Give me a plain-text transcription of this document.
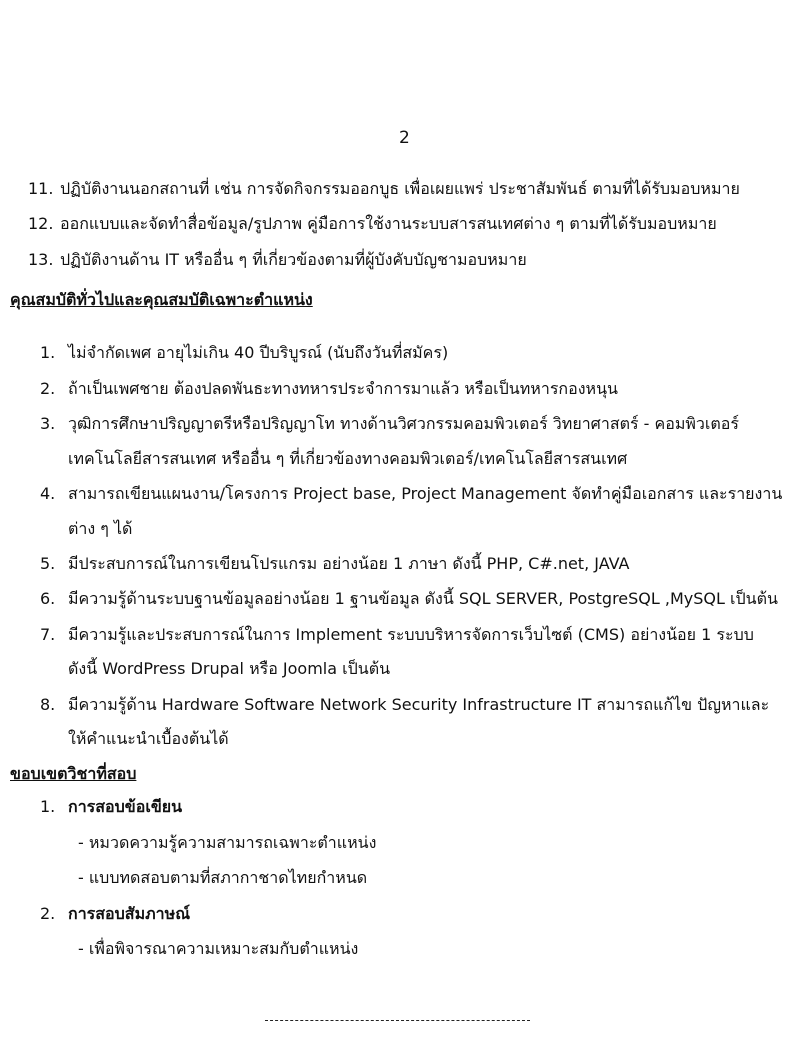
2
11. ปฏิบัติงานนอกสถานที่ เช่น การจัดกิจกรรมออกบูธ เพื่อเผยแพร่ ประชาสัมพันธ์ ตามที่ได้รับมอบหมาย
12. ออกแบบและจัดทำสื่อข้อมูล/รูปภาพ คู่มือการใช้งานระบบสารสนเทศต่าง ๆ ตามที่ได้รับมอบหมาย
13. ปฏิบัติงานด้าน IT หรืออื่น ๆ ที่เกี่ยวข้องตามที่ผู้บังคับบัญชามอบหมาย
คุณสมบัติทั่วไปและคุณสมบัติเฉพาะตำแหน่ง
1. ไม่จำกัดเพศ อายุไม่เกิน 40 ปีบริบูรณ์ (นับถึงวันที่สมัคร)
2. ถ้าเป็นเพศชาย ต้องปลดพันธะทางทหารประจำการมาแล้ว หรือเป็นทหารกองหนุน
3. วุฒิการศึกษาปริญญาตรีหรือปริญญาโท ทางด้านวิศวกรรมคอมพิวเตอร์ วิทยาศาสตร์ - คอมพิวเตอร์
เทคโนโลยีสารสนเทศ หรืออื่น ๆ ที่เกี่ยวข้องทางคอมพิวเตอร์/เทคโนโลยีสารสนเทศ
4. สามารถเขียนแผนงาน/โครงการ Project base, Project Management จัดทำคู่มือเอกสาร และรายงาน
ต่าง ๆ ได้
5. มีประสบการณ์ในการเขียนโปรแกรม อย่างน้อย 1 ภาษา ดังนี้ PHP, C#.net, JAVA
6. มีความรู้ด้านระบบฐานข้อมูลอย่างน้อย 1 ฐานข้อมูล ดังนี้ SQL SERVER, PostgreSQL ,MySQL เป็นต้น
7. มีความรู้และประสบการณ์ในการ Implement ระบบบริหารจัดการเว็บไซต์ (CMS) อย่างน้อย 1 ระบบ
ดังนี้ WordPress Drupal หรือ Joomla เป็นต้น
8. มีความรู้ด้าน Hardware Software Network Security Infrastructure IT สามารถแก้ไข ปัญหาและ
ให้คำแนะนำเบื้องต้นได้
ขอบเขตวิชาที่สอบ
1. การสอบข้อเขียน
- หมวดความรู้ความสามารถเฉพาะตำแหน่ง
- แบบทดสอบตามที่สภากาชาดไทยกำหนด
2. การสอบสัมภาษณ์
- เพื่อพิจารณาความเหมาะสมกับตำแหน่ง
